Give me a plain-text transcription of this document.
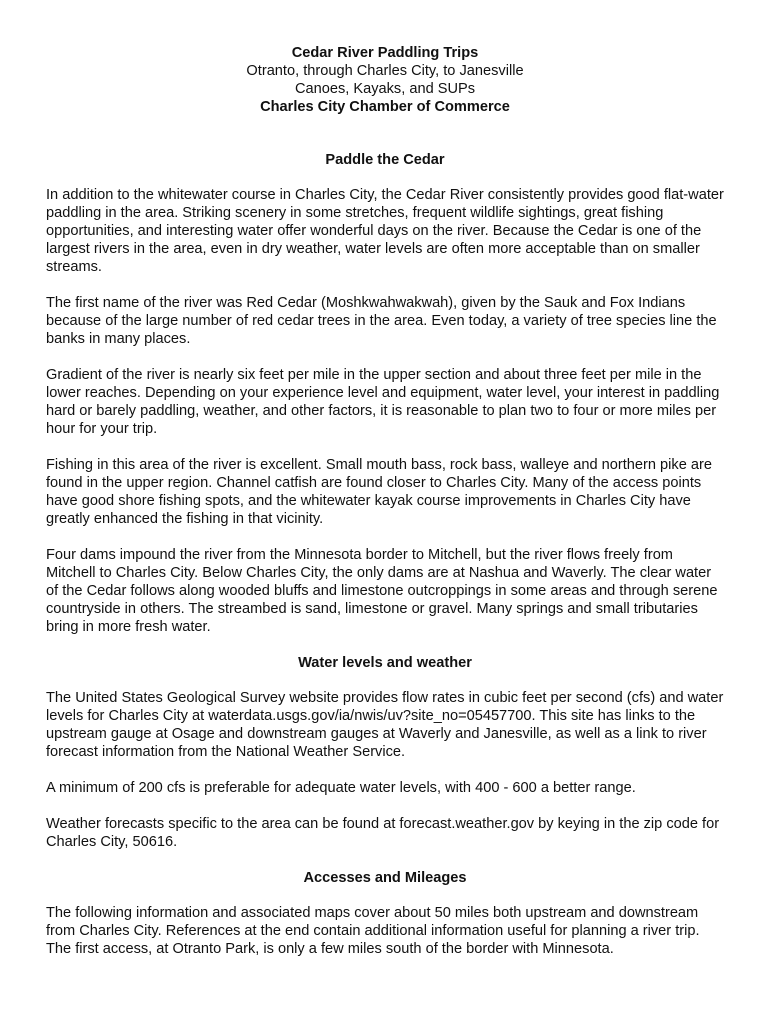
Cedar River Paddling Trips
Otranto, through Charles City, to Janesville
Canoes, Kayaks, and SUPs
Charles City Chamber of Commerce
Paddle the Cedar

In addition to the whitewater course in Charles City, the Cedar River consistently provides good flat-water paddling in the area. Striking scenery in some stretches, frequent wildlife sightings, great fishing opportunities, and interesting water offer wonderful days on the river. Because the Cedar is one of the largest rivers in the area, even in dry weather, water levels are often more acceptable than on smaller streams.

The first name of the river was Red Cedar (Moshkwahwakwah), given by the Sauk and Fox Indians because of the large number of red cedar trees in the area. Even today, a variety of tree species line the banks in many places.

Gradient of the river is nearly six feet per mile in the upper section and about three feet per mile in the lower reaches. Depending on your experience level and equipment, water level, your interest in paddling hard or barely paddling, weather, and other factors, it is reasonable to plan two to four or more miles per hour for your trip.

Fishing in this area of the river is excellent. Small mouth bass, rock bass, walleye and northern pike are found in the upper region. Channel catfish are found closer to Charles City. Many of the access points have good shore fishing spots, and the whitewater kayak course improvements in Charles City have greatly enhanced the fishing in that vicinity.

Four dams impound the river from the Minnesota border to Mitchell, but the river flows freely from Mitchell to Charles City. Below Charles City, the only dams are at Nashua and Waverly. The clear water of the Cedar follows along wooded bluffs and limestone outcroppings in some areas and through serene countryside in others. The streambed is sand, limestone or gravel. Many springs and small tributaries bring in more fresh water.

Water levels and weather

The United States Geological Survey website provides flow rates in cubic feet per second (cfs) and water levels for Charles City at waterdata.usgs.gov/ia/nwis/uv?site_no=05457700. This site has links to the upstream gauge at Osage and downstream gauges at Waverly and Janesville, as well as a link to river forecast information from the National Weather Service.

A minimum of 200 cfs is preferable for adequate water levels, with 400 - 600 a better range.

Weather forecasts specific to the area can be found at forecast.weather.gov by keying in the zip code for Charles City, 50616.

Accesses and Mileages

The following information and associated maps cover about 50 miles both upstream and downstream from Charles City. References at the end contain additional information useful for planning a river trip. The first access, at Otranto Park, is only a few miles south of the border with Minnesota.
